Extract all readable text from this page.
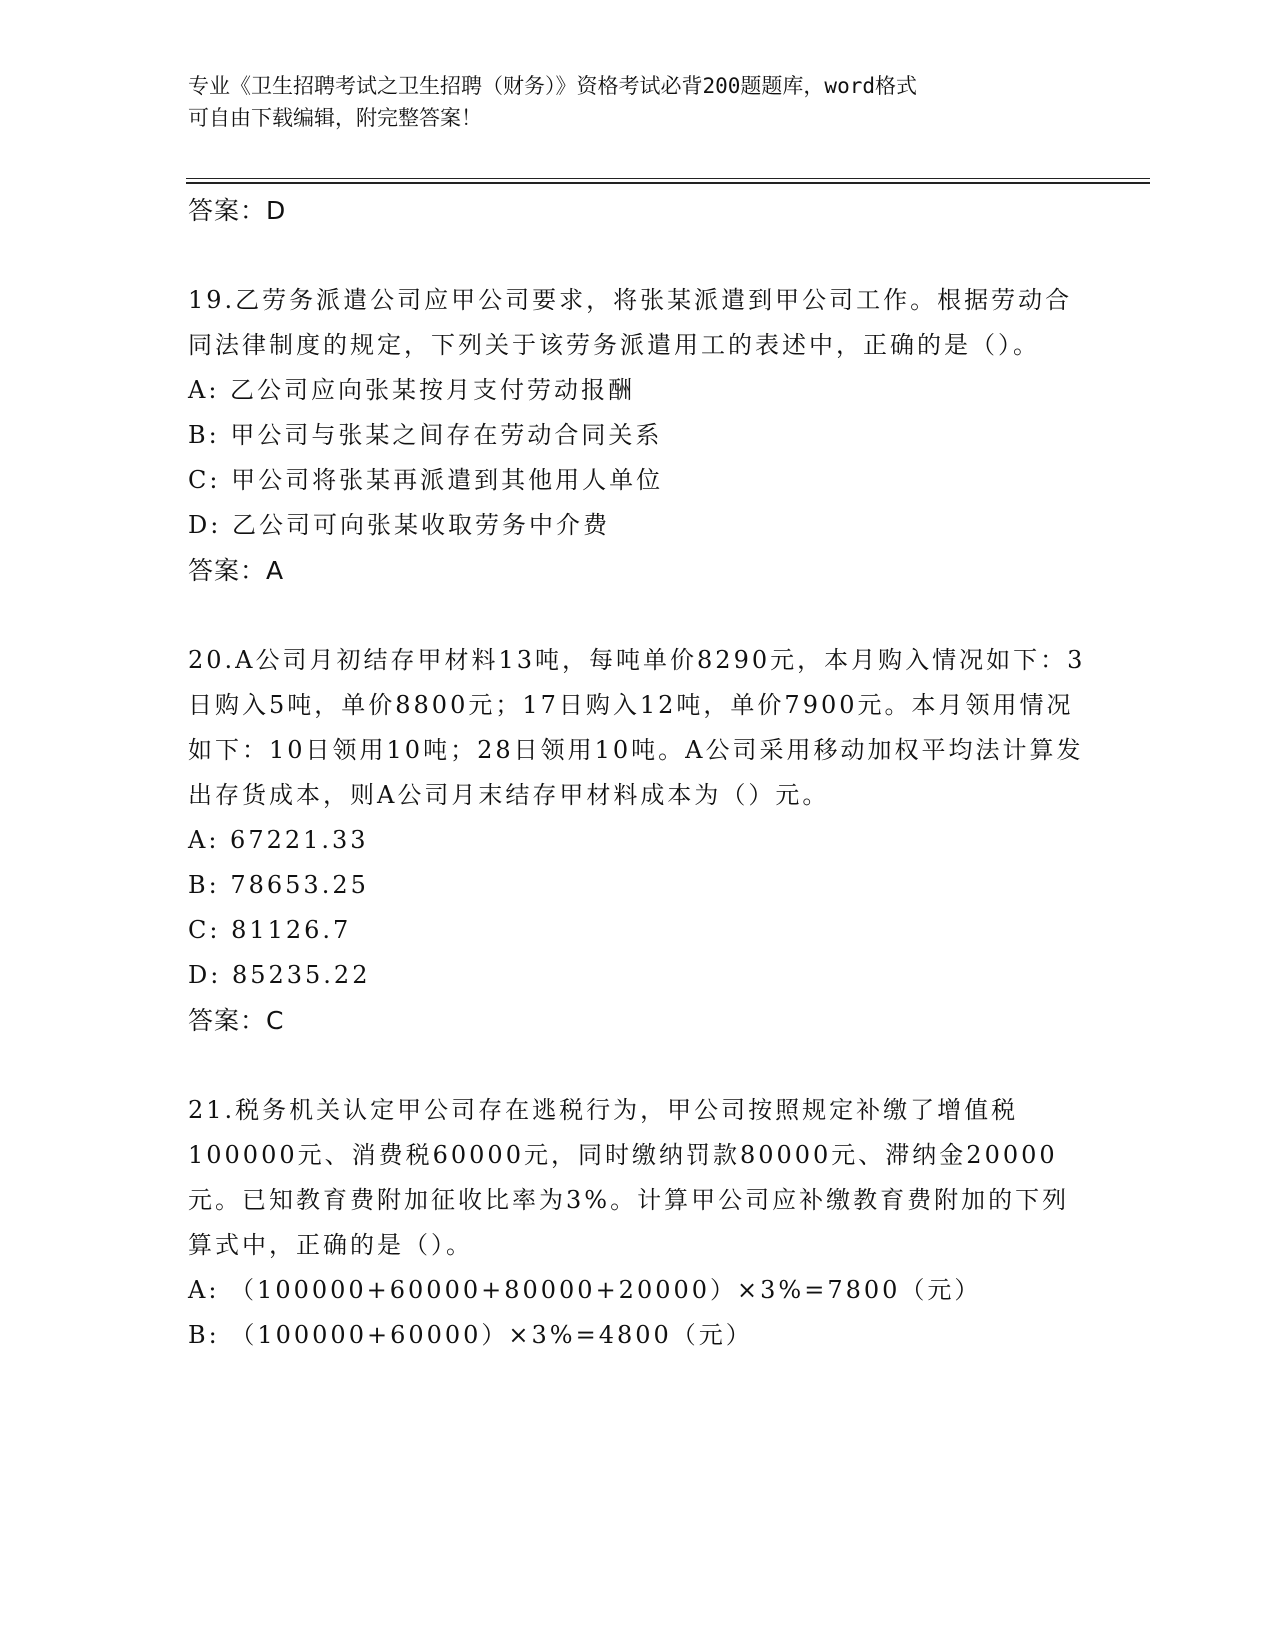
专业《卫生招聘考试之卫生招聘（财务）》资格考试必背200题题库，word格式
可自由下载编辑，附完整答案！
答案：D

19.乙劳务派遣公司应甲公司要求，将张某派遣到甲公司工作。根据劳动合同法律制度的规定，下列关于该劳务派遣用工的表述中，正确的是（）。

A: 乙公司应向张某按月支付劳动报酬
B: 甲公司与张某之间存在劳动合同关系
C: 甲公司将张某再派遣到其他用人单位
D: 乙公司可向张某收取劳务中介费
答案：A

20.A公司月初结存甲材料13吨，每吨单价8290元，本月购入情况如下：3日购入5吨，单价8800元；17日购入12吨，单价7900元。本月领用情况如下：10日领用10吨；28日领用10吨。A公司采用移动加权平均法计算发出存货成本，则A公司月末结存甲材料成本为（）元。

A: 67221.33
B: 78653.25
C: 81126.7
D: 85235.22
答案：C

21.税务机关认定甲公司存在逃税行为，甲公司按照规定补缴了增值税100000元、消费税60000元，同时缴纳罚款80000元、滞纳金20000元。已知教育费附加征收比率为3%。计算甲公司应补缴教育费附加的下列算式中，正确的是（）。

A: （100000+60000+80000+20000）×3%=7800（元）
B: （100000+60000）×3%=4800（元）
